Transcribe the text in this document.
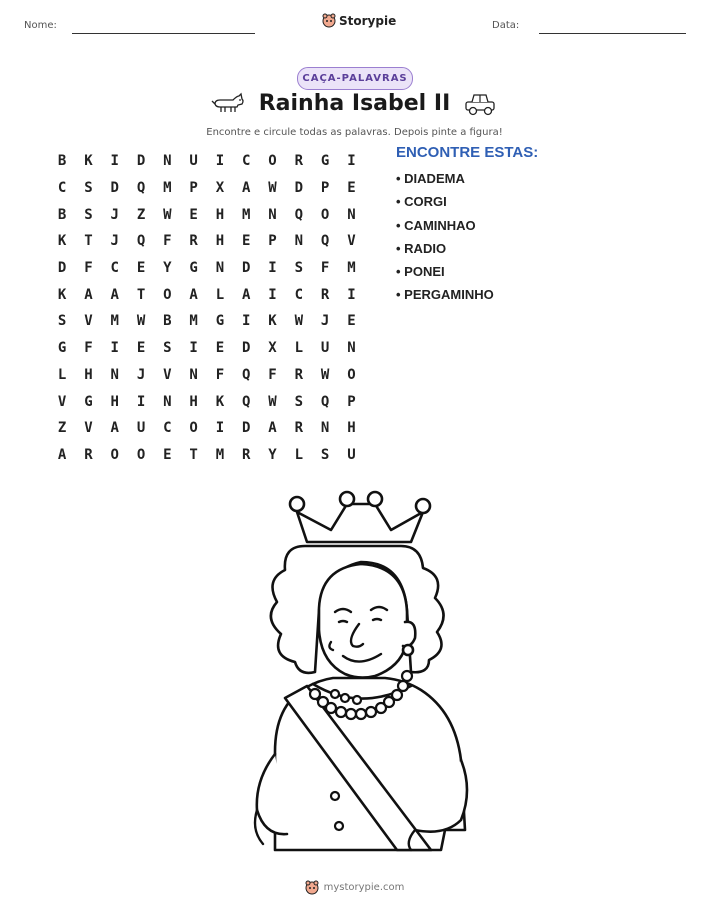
Nome:	Storypie	Data:
CAÇA-PALAVRAS
Rainha Isabel II
Encontre e circule todas as palavras. Depois pinte a figura!
B	K	I	D	N	U	I	C	O	R	G	I
C	S	D	Q	M	P	X	A	W	D	P	E
B	S	J	Z	W	E	H	M	N	Q	O	N
K	T	J	Q	F	R	H	E	P	N	Q	V
D	F	C	E	Y	G	N	D	I	S	F	M
K	A	A	T	O	A	L	A	I	C	R	I
S	V	M	W	B	M	G	I	K	W	J	E
G	F	I	E	S	I	E	D	X	L	U	N
L	H	N	J	V	N	F	Q	F	R	W	O
V	G	H	I	N	H	K	Q	W	S	Q	P
Z	V	A	U	C	O	I	D	A	R	N	H
A	R	O	O	E	T	M	R	Y	L	S	U
ENCONTRE ESTAS:
• DIADEMA
• CORGI
• CAMINHAO
• RADIO
• PONEI
• PERGAMINHO
mystorypie.com
